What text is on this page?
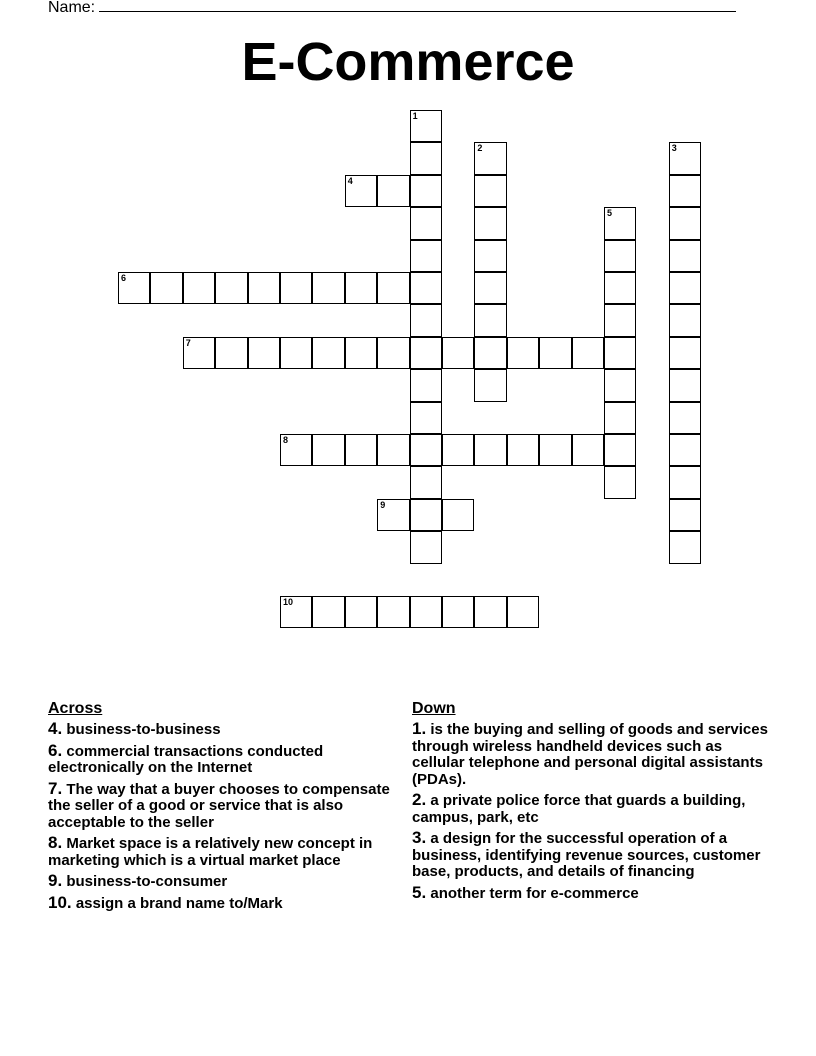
Name:
E-Commerce
1
2	3
4
5
6
7
8
9
10
Across
4. business-to-business
6. commercial transactions conducted electronically on the Internet
7. The way that a buyer chooses to compensate the seller of a good or service that is also acceptable to the seller
8. Market space is a relatively new concept in marketing which is a virtual market place
9. business-to-consumer
10. assign a brand name to/Mark
Down
1. is the buying and selling of goods and services through wireless handheld devices such as cellular telephone and personal digital assistants (PDAs).
2. a private police force that guards a building, campus, park, etc
3. a design for the successful operation of a business, identifying revenue sources, customer base, products, and details of financing
5. another term for e-commerce
